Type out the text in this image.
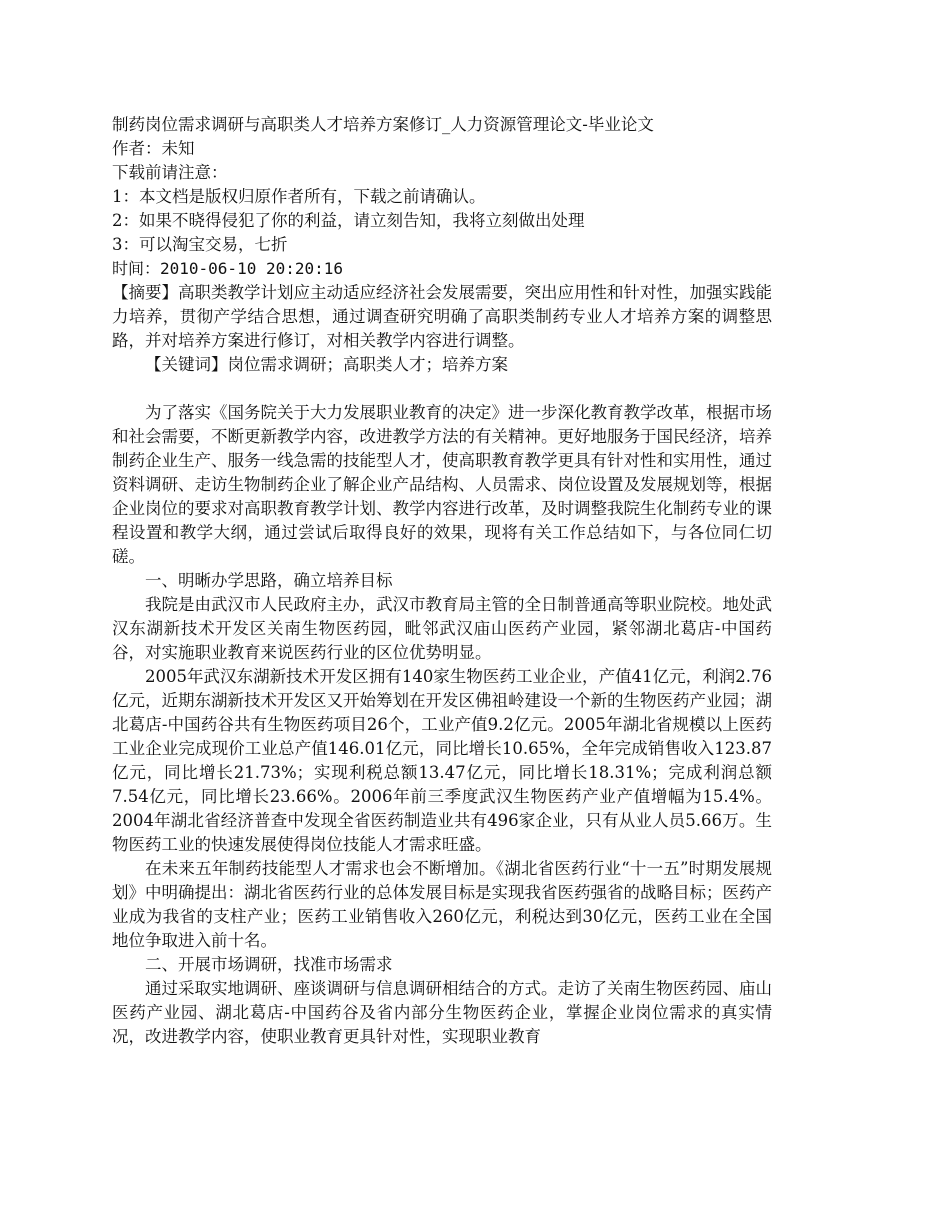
制药岗位需求调研与高职类人才培养方案修订_人力资源管理论文-毕业论文
作者：未知
下载前请注意：
1：本文档是版权归原作者所有，下载之前请确认。
2：如果不晓得侵犯了你的利益，请立刻告知，我将立刻做出处理
3：可以淘宝交易，七折
时间：2010-06-10 20:20:16

【摘要】高职类教学计划应主动适应经济社会发展需要，突出应用性和针对性，加强实践能力培养，贯彻产学结合思想，通过调查研究明确了高职类制药专业人才培养方案的调整思路，并对培养方案进行修订，对相关教学内容进行调整。

【关键词】岗位需求调研；高职类人才；培养方案

为了落实《国务院关于大力发展职业教育的决定》进一步深化教育教学改革，根据市场和社会需要，不断更新教学内容，改进教学方法的有关精神。更好地服务于国民经济，培养制药企业生产、服务一线急需的技能型人才，使高职教育教学更具有针对性和实用性，通过资料调研、走访生物制药企业了解企业产品结构、人员需求、岗位设置及发展规划等，根据企业岗位的要求对高职教育教学计划、教学内容进行改革，及时调整我院生化制药专业的课程设置和教学大纲，通过尝试后取得良好的效果，现将有关工作总结如下，与各位同仁切磋。

一、明晰办学思路，确立培养目标

我院是由武汉市人民政府主办，武汉市教育局主管的全日制普通高等职业院校。地处武汉东湖新技术开发区关南生物医药园，毗邻武汉庙山医药产业园，紧邻湖北葛店-中国药谷，对实施职业教育来说医药行业的区位优势明显。

2005年武汉东湖新技术开发区拥有140家生物医药工业企业，产值41亿元，利润2.76亿元，近期东湖新技术开发区又开始筹划在开发区佛祖岭建设一个新的生物医药产业园；湖北葛店-中国药谷共有生物医药项目26个，工业产值9.2亿元。2005年湖北省规模以上医药工业企业完成现价工业总产值146.01亿元，同比增长10.65%，全年完成销售收入123.87亿元，同比增长21.73%；实现利税总额13.47亿元，同比增长18.31%；完成利润总额7.54亿元，同比增长23.66%。2006年前三季度武汉生物医药产业产值增幅为15.4%。2004年湖北省经济普查中发现全省医药制造业共有496家企业，只有从业人员5.66万。生物医药工业的快速发展使得岗位技能人才需求旺盛。

在未来五年制药技能型人才需求也会不断增加。《湖北省医药行业“十一五”时期发展规划》中明确提出：湖北省医药行业的总体发展目标是实现我省医药强省的战略目标；医药产业成为我省的支柱产业；医药工业销售收入260亿元，利税达到30亿元，医药工业在全国地位争取进入前十名。

二、开展市场调研，找准市场需求

通过采取实地调研、座谈调研与信息调研相结合的方式。走访了关南生物医药园、庙山医药产业园、湖北葛店-中国药谷及省内部分生物医药企业，掌握企业岗位需求的真实情况，改进教学内容，使职业教育更具针对性，实现职业教育
